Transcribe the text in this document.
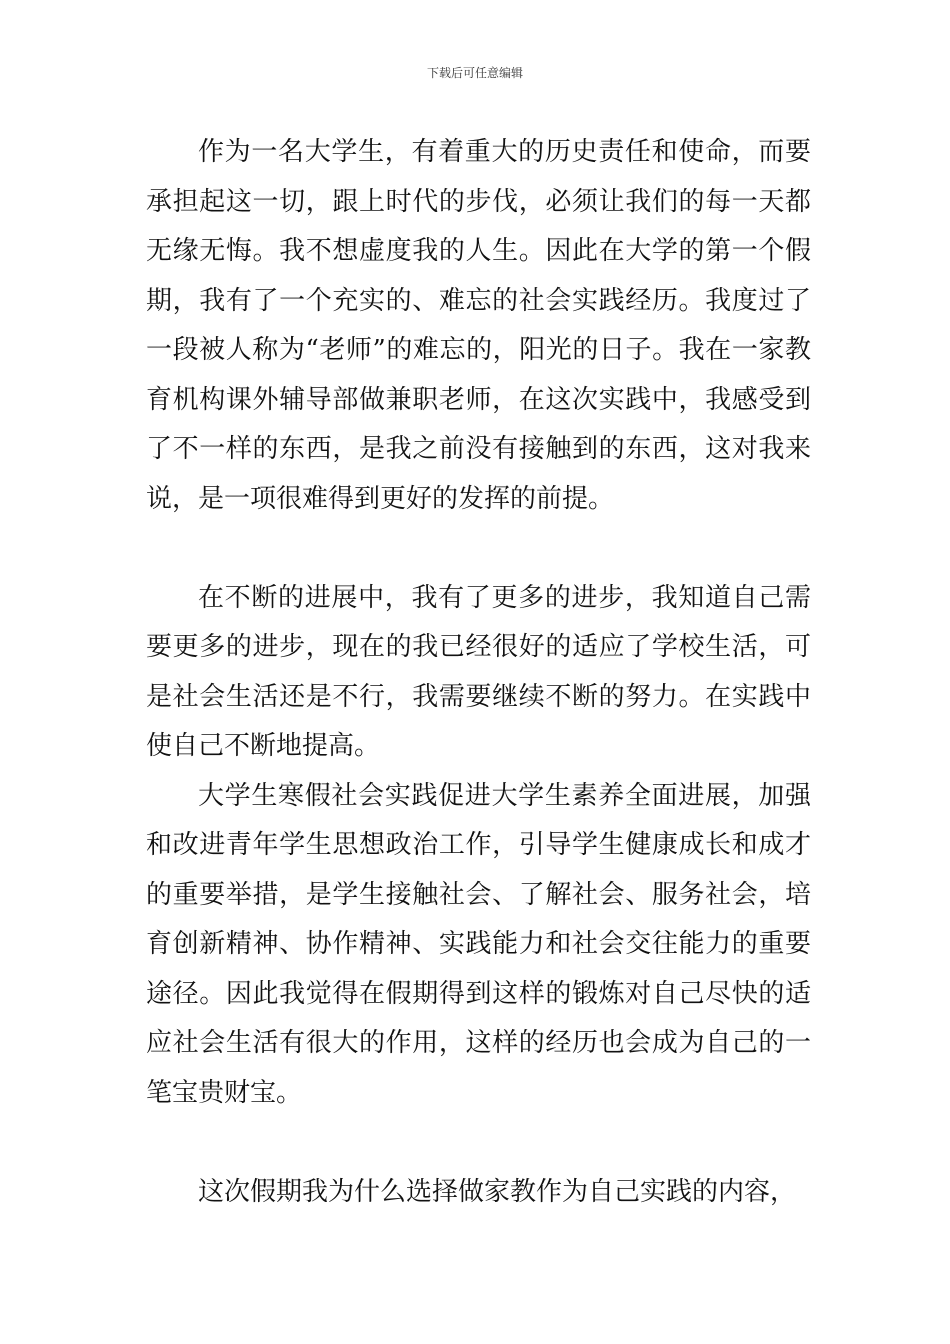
下载后可任意编辑

作为一名大学生，有着重大的历史责任和使命，而要承担起这一切，跟上时代的步伐，必须让我们的每一天都无缘无悔。我不想虚度我的人生。因此在大学的第一个假期，我有了一个充实的、难忘的社会实践经历。我度过了一段被人称为“老师”的难忘的，阳光的日子。我在一家教育机构课外辅导部做兼职老师，在这次实践中，我感受到了不一样的东西，是我之前没有接触到的东西，这对我来说，是一项很难得到更好的发挥的前提。

在不断的进展中，我有了更多的进步，我知道自己需要更多的进步，现在的我已经很好的适应了学校生活，可是社会生活还是不行，我需要继续不断的努力。在实践中使自己不断地提高。

大学生寒假社会实践促进大学生素养全面进展，加强和改进青年学生思想政治工作，引导学生健康成长和成才的重要举措，是学生接触社会、了解社会、服务社会，培育创新精神、协作精神、实践能力和社会交往能力的重要途径。因此我觉得在假期得到这样的锻炼对自己尽快的适应社会生活有很大的作用，这样的经历也会成为自己的一笔宝贵财宝。

这次假期我为什么选择做家教作为自己实践的内容，
